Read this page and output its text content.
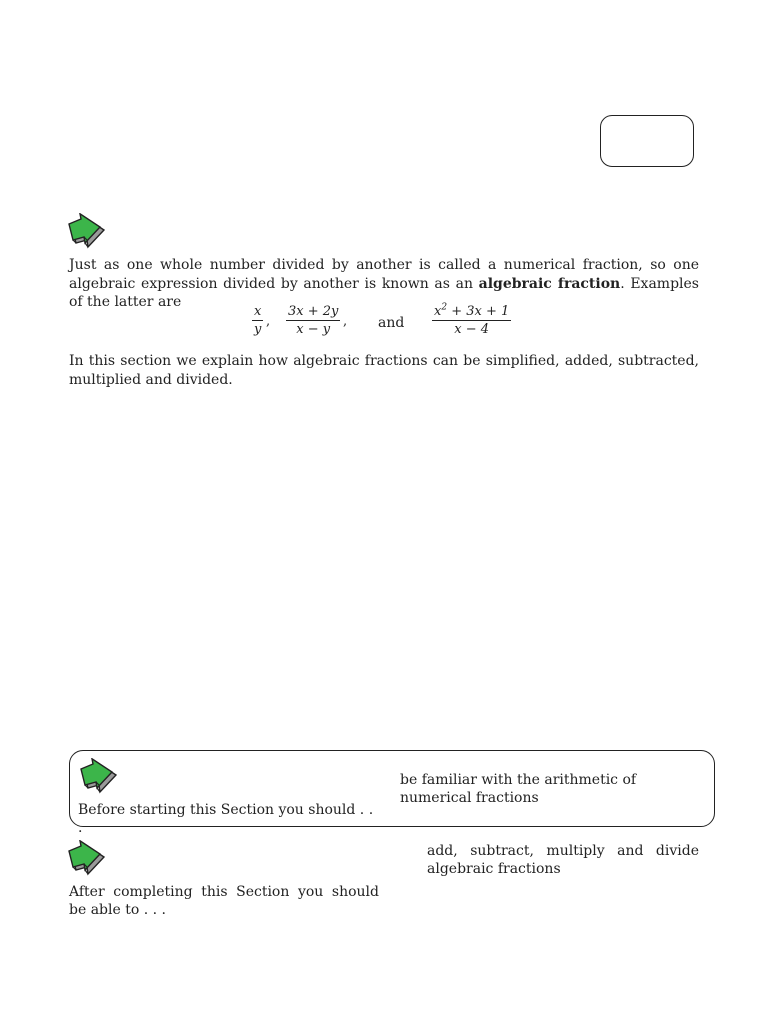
Just as one whole number divided by another is called a numerical fraction, so one algebraic expression divided by another is known as an algebraic fraction. Examples of the latter are

x
y
,
3x + 2y
x − y
, and
$x^2 + 3x + 1$
x − 4

In this section we explain how algebraic fractions can be simplified, added, subtracted, multiplied and divided.

Before starting this Section you should . . .

be familiar with the arithmetic of numerical fractions

After completing this Section you should be able to . . .

add, subtract, multiply and divide algebraic fractions
